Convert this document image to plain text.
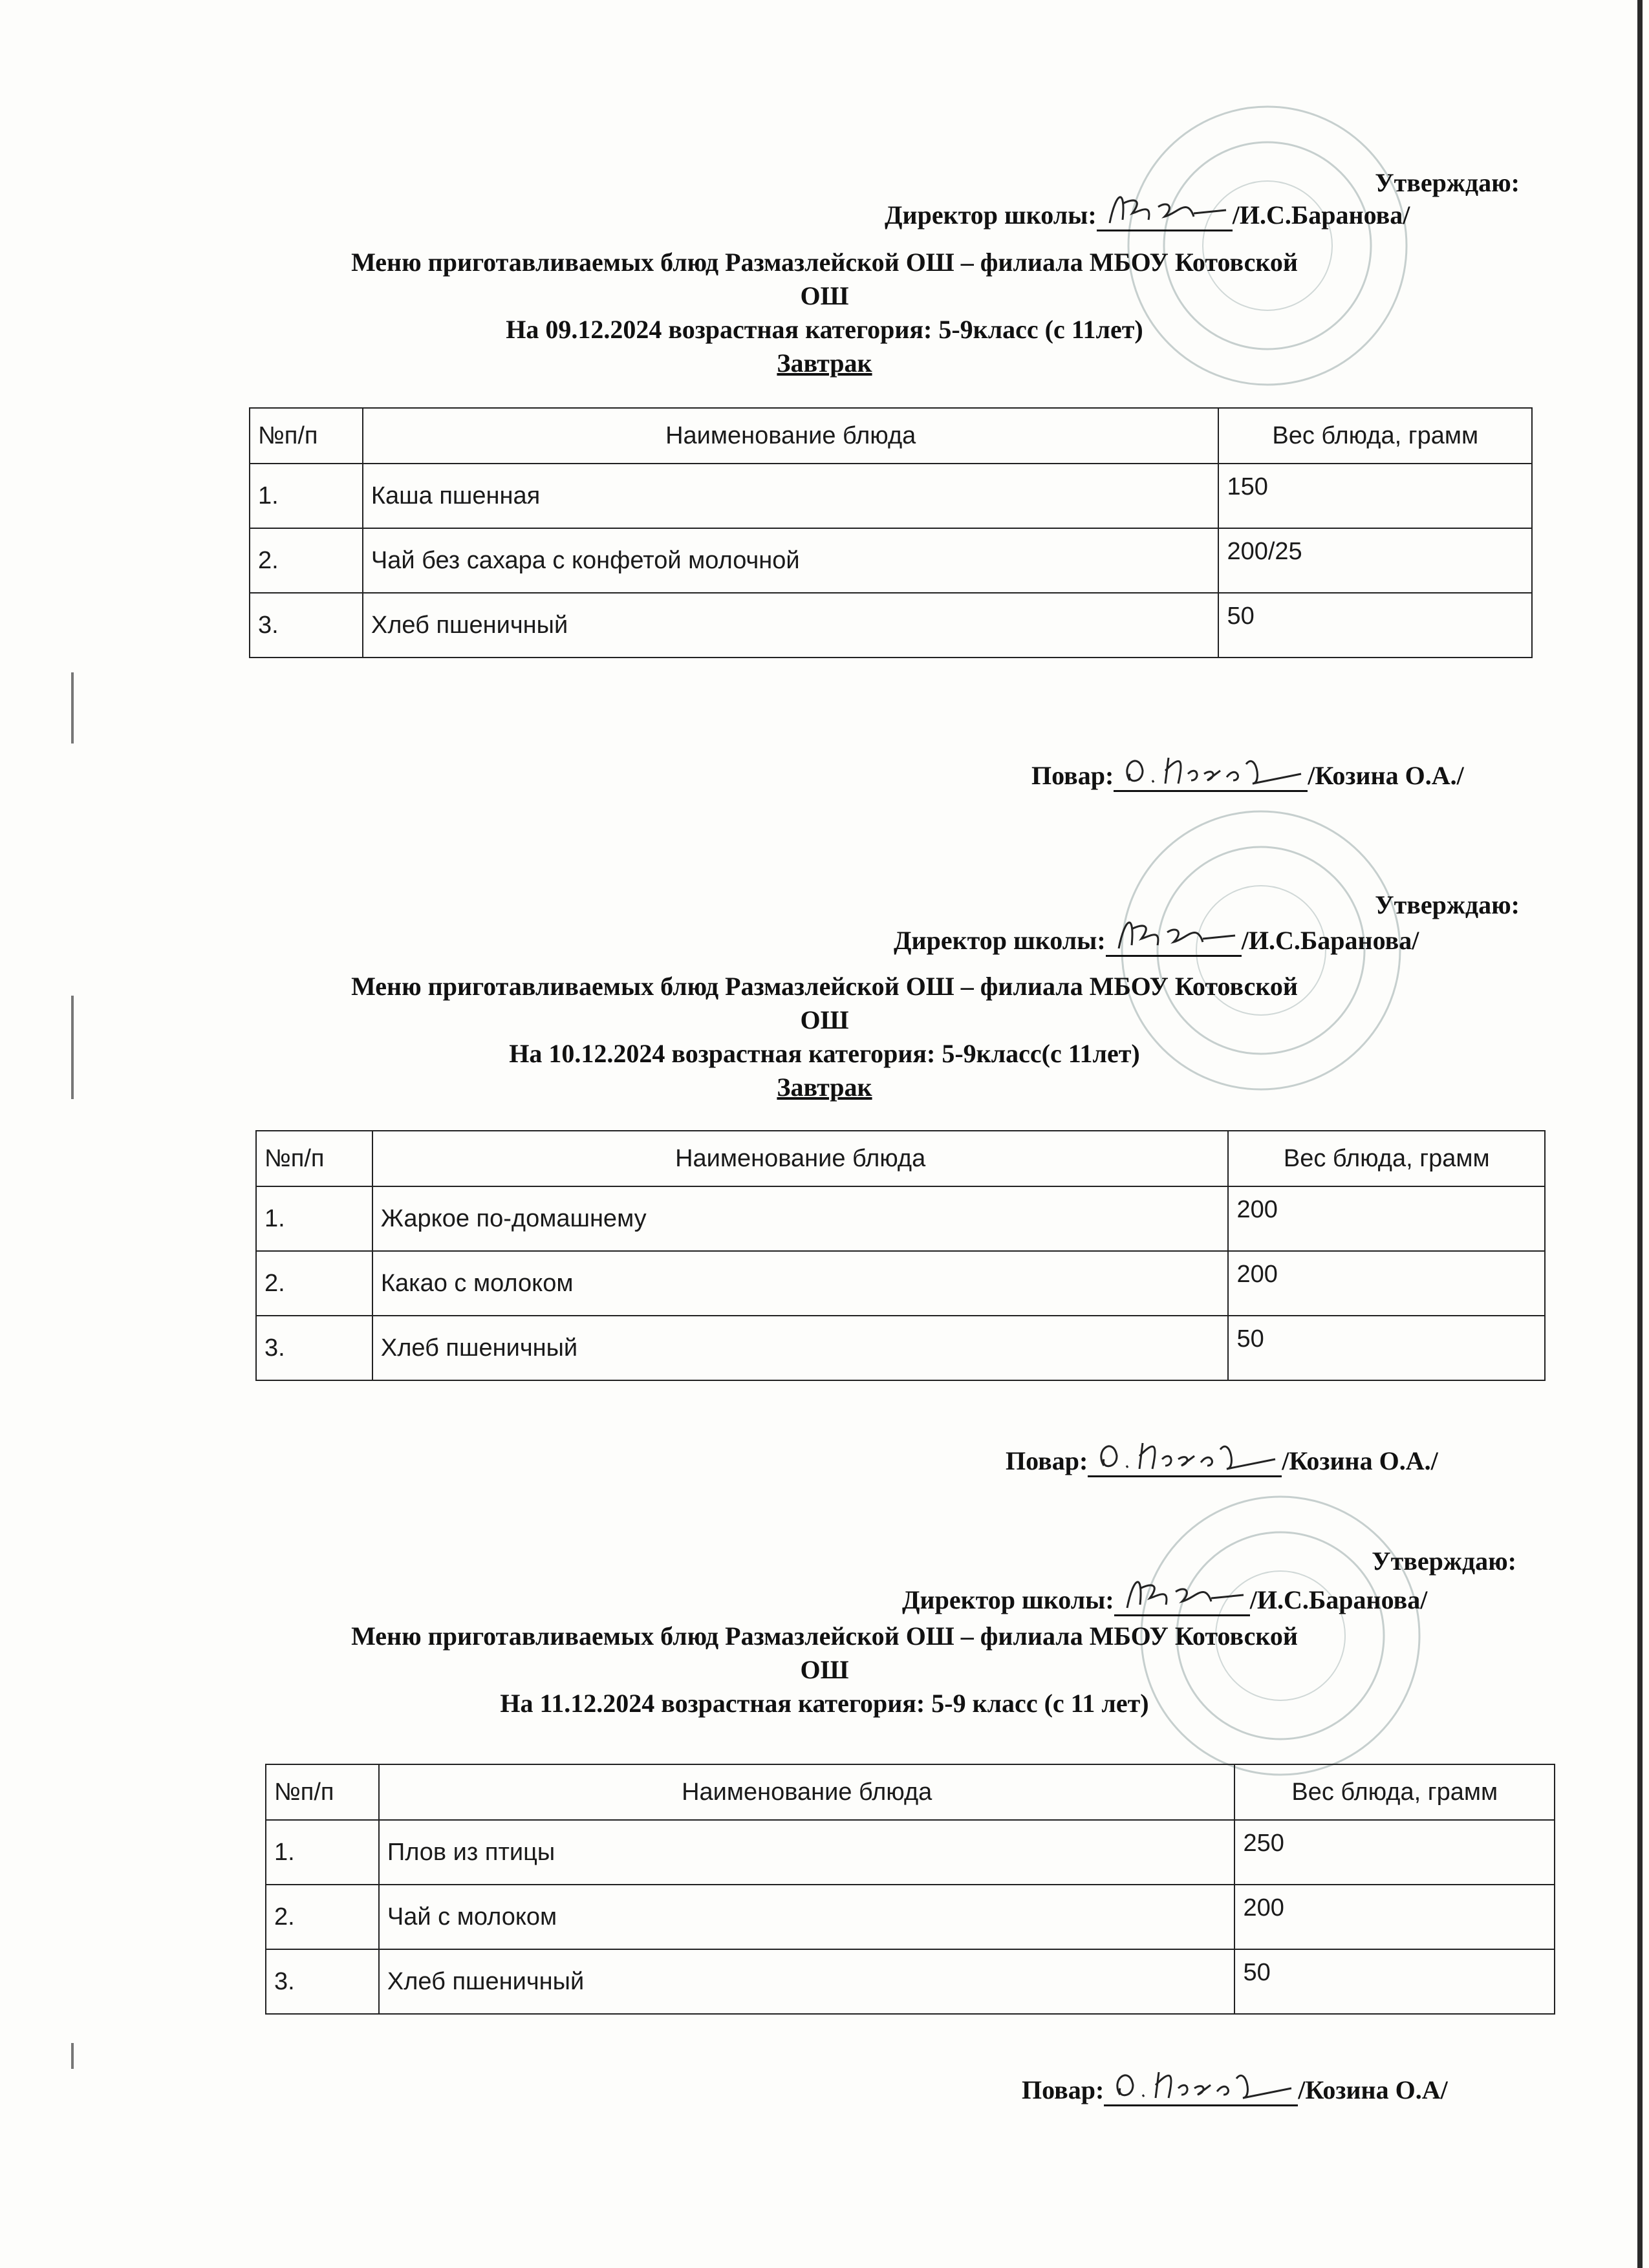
Утверждаю:
Директор школы:	/И.С.Баранова/
Меню приготавливаемых блюд Размазлейской ОШ – филиала МБОУ Котовской
ОШ
На 09.12.2024 возрастная категория: 5-9класс (с 11лет)
Завтрак
№п/п	Наименование блюда	Вес блюда, грамм
1.	Каша пшенная	150
2.	Чай без сахара с конфетой молочной	200/25
3.	Хлеб пшеничный	50
Повар:	/Козина О.А./
Утверждаю:
Директор школы:	/И.С.Баранова/
Меню приготавливаемых блюд Размазлейской ОШ – филиала МБОУ Котовской
ОШ
На 10.12.2024 возрастная категория: 5-9класс(с 11лет)
Завтрак
№п/п	Наименование блюда	Вес блюда, грамм
1.	Жаркое по-домашнему	200
2.	Какао с молоком	200
3.	Хлеб пшеничный	50
Повар:	/Козина О.А./
Утверждаю:
Директор школы:	/И.С.Баранова/
Меню приготавливаемых блюд Размазлейской ОШ – филиала МБОУ Котовской
ОШ
На 11.12.2024 возрастная категория: 5-9 класс (с 11 лет)
№п/п	Наименование блюда	Вес блюда, грамм
1.	Плов из птицы	250
2.	Чай с молоком	200
3.	Хлеб пшеничный	50
Повар:	/Козина О.А/
